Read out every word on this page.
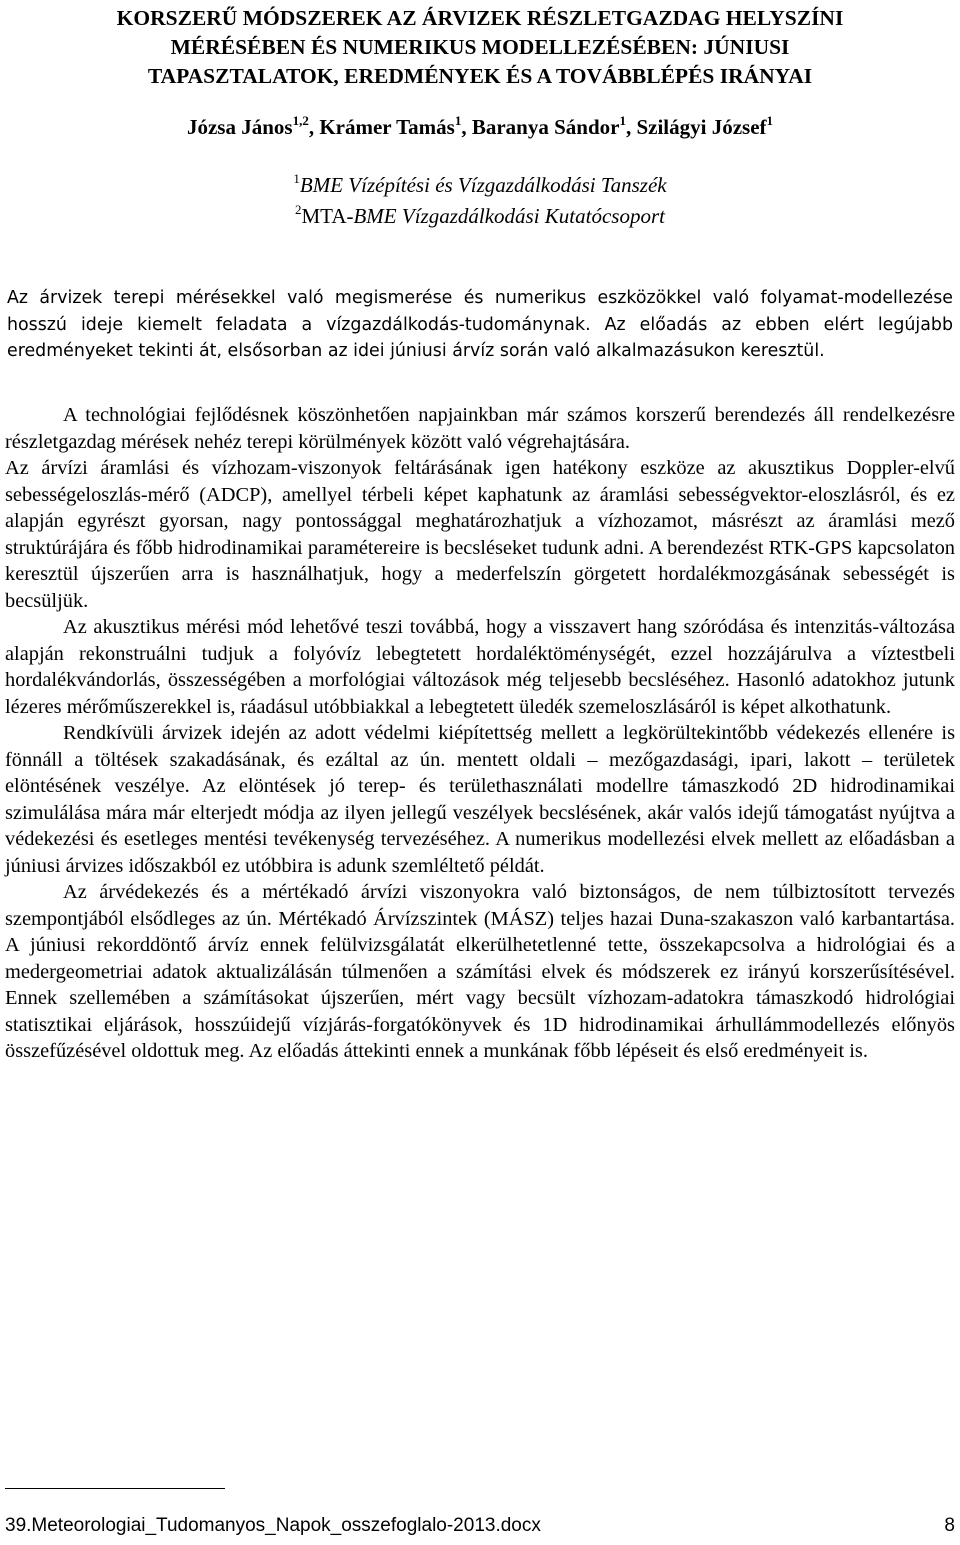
KORSZERŰ MÓDSZEREK AZ ÁRVIZEK RÉSZLETGAZDAG HELYSZÍNI
MÉRÉSÉBEN ÉS NUMERIKUS MODELLEZÉSÉBEN: JÚNIUSI
TAPASZTALATOK, EREDMÉNYEK ÉS A TOVÁBBLÉPÉS IRÁNYAI
Józsa János$^{1,2}$, Krámer Tamás$^1$, Baranya Sándor$^1$, Szilágyi József$^1$
$^1$BME Vízépítési és Vízgazdálkodási Tanszék
$^2$MTA-BME Vízgazdálkodási Kutatócsoport

Az árvizek terepi mérésekkel való megismerése és numerikus eszközökkel való folyamat-modellezése hosszú ideje kiemelt feladata a vízgazdálkodás-tudománynak. Az előadás az ebben elért legújabb eredményeket tekinti át, elsősorban az idei júniusi árvíz során való alkalmazásukon keresztül.

A technológiai fejlődésnek köszönhetően napjainkban már számos korszerű berendezés áll rendelkezésre részletgazdag mérések nehéz terepi körülmények között való végrehajtására.

Az árvízi áramlási és vízhozam-viszonyok feltárásának igen hatékony eszköze az akusztikus Doppler-elvű sebességeloszlás-mérő (ADCP), amellyel térbeli képet kaphatunk az áramlási sebességvektor-eloszlásról, és ez alapján egyrészt gyorsan, nagy pontossággal meghatározhatjuk a vízhozamot, másrészt az áramlási mező struktúrájára és főbb hidrodinamikai paramétereire is becsléseket tudunk adni. A berendezést RTK-GPS kapcsolaton keresztül újszerűen arra is használhatjuk, hogy a mederfelszín görgetett hordalékmozgásának sebességét is becsüljük.

Az akusztikus mérési mód lehetővé teszi továbbá, hogy a visszavert hang szóródása és intenzitás-változása alapján rekonstruálni tudjuk a folyóvíz lebegtetett hordaléktöménységét, ezzel hozzájárulva a víztestbeli hordalékvándorlás, összességében a morfológiai változások még teljesebb becsléséhez. Hasonló adatokhoz jutunk lézeres mérőműszerekkel is, ráadásul utóbbiakkal a lebegtetett üledék szemeloszlásáról is képet alkothatunk.

Rendkívüli árvizek idején az adott védelmi kiépítettség mellett a legkörültekintőbb védekezés ellenére is fönnáll a töltések szakadásának, és ezáltal az ún. mentett oldali – mezőgazdasági, ipari, lakott – területek elöntésének veszélye. Az elöntések jó terep- és területhasználati modellre támaszkodó 2D hidrodinamikai szimulálása mára már elterjedt módja az ilyen jellegű veszélyek becslésének, akár valós idejű támogatást nyújtva a védekezési és esetleges mentési tevékenység tervezéséhez. A numerikus modellezési elvek mellett az előadásban a júniusi árvizes időszakból ez utóbbira is adunk szemléltető példát.

Az árvédekezés és a mértékadó árvízi viszonyokra való biztonságos, de nem túlbiztosított tervezés szempontjából elsődleges az ún. Mértékadó Árvízszintek (MÁSZ) teljes hazai Duna-szakaszon való karbantartása. A júniusi rekorddöntő árvíz ennek felülvizsgálatát elkerülhetetlenné tette, összekapcsolva a hidrológiai és a medergeometriai adatok aktualizálásán túlmenően a számítási elvek és módszerek ez irányú korszerűsítésével. Ennek szellemében a számításokat újszerűen, mért vagy becsült vízhozam-adatokra támaszkodó hidrológiai statisztikai eljárások, hosszúidejű vízjárás-forgatókönyvek és 1D hidrodinamikai árhullámmodellezés előnyös összefűzésével oldottuk meg. Az előadás áttekinti ennek a munkának főbb lépéseit és első eredményeit is.

39.Meteorologiai_Tudomanyos_Napok_osszefoglalo-2013.docx	8
